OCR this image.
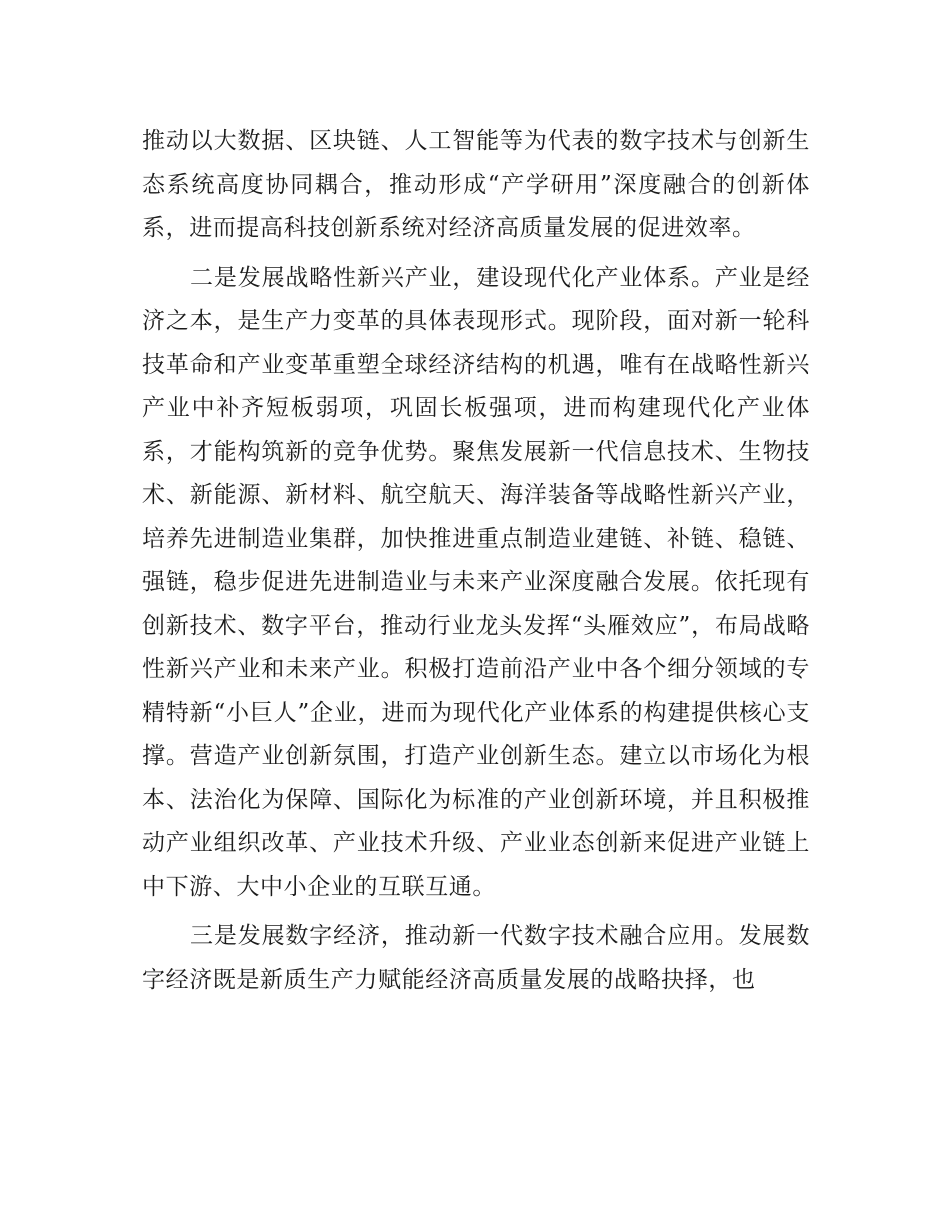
推动以大数据、区块链、人工智能等为代表的数字技术与创新生态系统高度协同耦合，推动形成“产学研用”深度融合的创新体系，进而提高科技创新系统对经济高质量发展的促进效率。

二是发展战略性新兴产业，建设现代化产业体系。产业是经济之本，是生产力变革的具体表现形式。现阶段，面对新一轮科技革命和产业变革重塑全球经济结构的机遇，唯有在战略性新兴产业中补齐短板弱项，巩固长板强项，进而构建现代化产业体系，才能构筑新的竞争优势。聚焦发展新一代信息技术、生物技术、新能源、新材料、航空航天、海洋装备等战略性新兴产业，培养先进制造业集群，加快推进重点制造业建链、补链、稳链、强链，稳步促进先进制造业与未来产业深度融合发展。依托现有创新技术、数字平台，推动行业龙头发挥“头雁效应”，布局战略性新兴产业和未来产业。积极打造前沿产业中各个细分领域的专精特新“小巨人”企业，进而为现代化产业体系的构建提供核心支撑。营造产业创新氛围，打造产业创新生态。建立以市场化为根本、法治化为保障、国际化为标准的产业创新环境，并且积极推动产业组织改革、产业技术升级、产业业态创新来促进产业链上中下游、大中小企业的互联互通。

三是发展数字经济，推动新一代数字技术融合应用。发展数字经济既是新质生产力赋能经济高质量发展的战略抉择，也
